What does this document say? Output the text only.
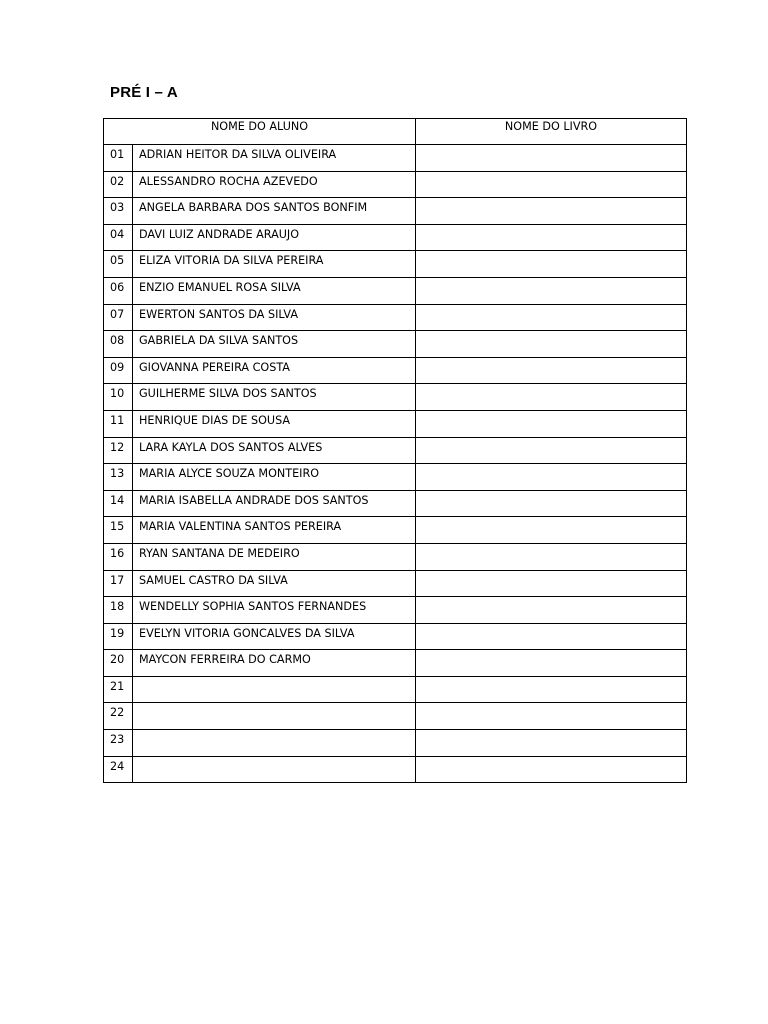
PRÉ I – A
NOME DO ALUNO		NOME DO LIVRO
01	ADRIAN HEITOR DA SILVA OLIVEIRA	
02	ALESSANDRO ROCHA AZEVEDO	
03	ANGELA BARBARA DOS SANTOS BONFIM	
04	DAVI LUIZ ANDRADE ARAUJO	
05	ELIZA VITORIA DA SILVA PEREIRA	
06	ENZIO EMANUEL ROSA SILVA	
07	EWERTON SANTOS DA SILVA	
08	GABRIELA DA SILVA SANTOS	
09	GIOVANNA PEREIRA COSTA	
10	GUILHERME SILVA DOS SANTOS	
11	HENRIQUE DIAS DE SOUSA	
12	LARA KAYLA DOS SANTOS ALVES	
13	MARIA ALYCE SOUZA MONTEIRO	
14	MARIA ISABELLA ANDRADE DOS SANTOS	
15	MARIA VALENTINA SANTOS PEREIRA	
16	RYAN SANTANA DE MEDEIRO	
17	SAMUEL CASTRO DA SILVA	
18	WENDELLY SOPHIA SANTOS FERNANDES	
19	EVELYN VITORIA GONCALVES DA SILVA	
20	MAYCON FERREIRA DO CARMO	
21		
22		
23		
24		
